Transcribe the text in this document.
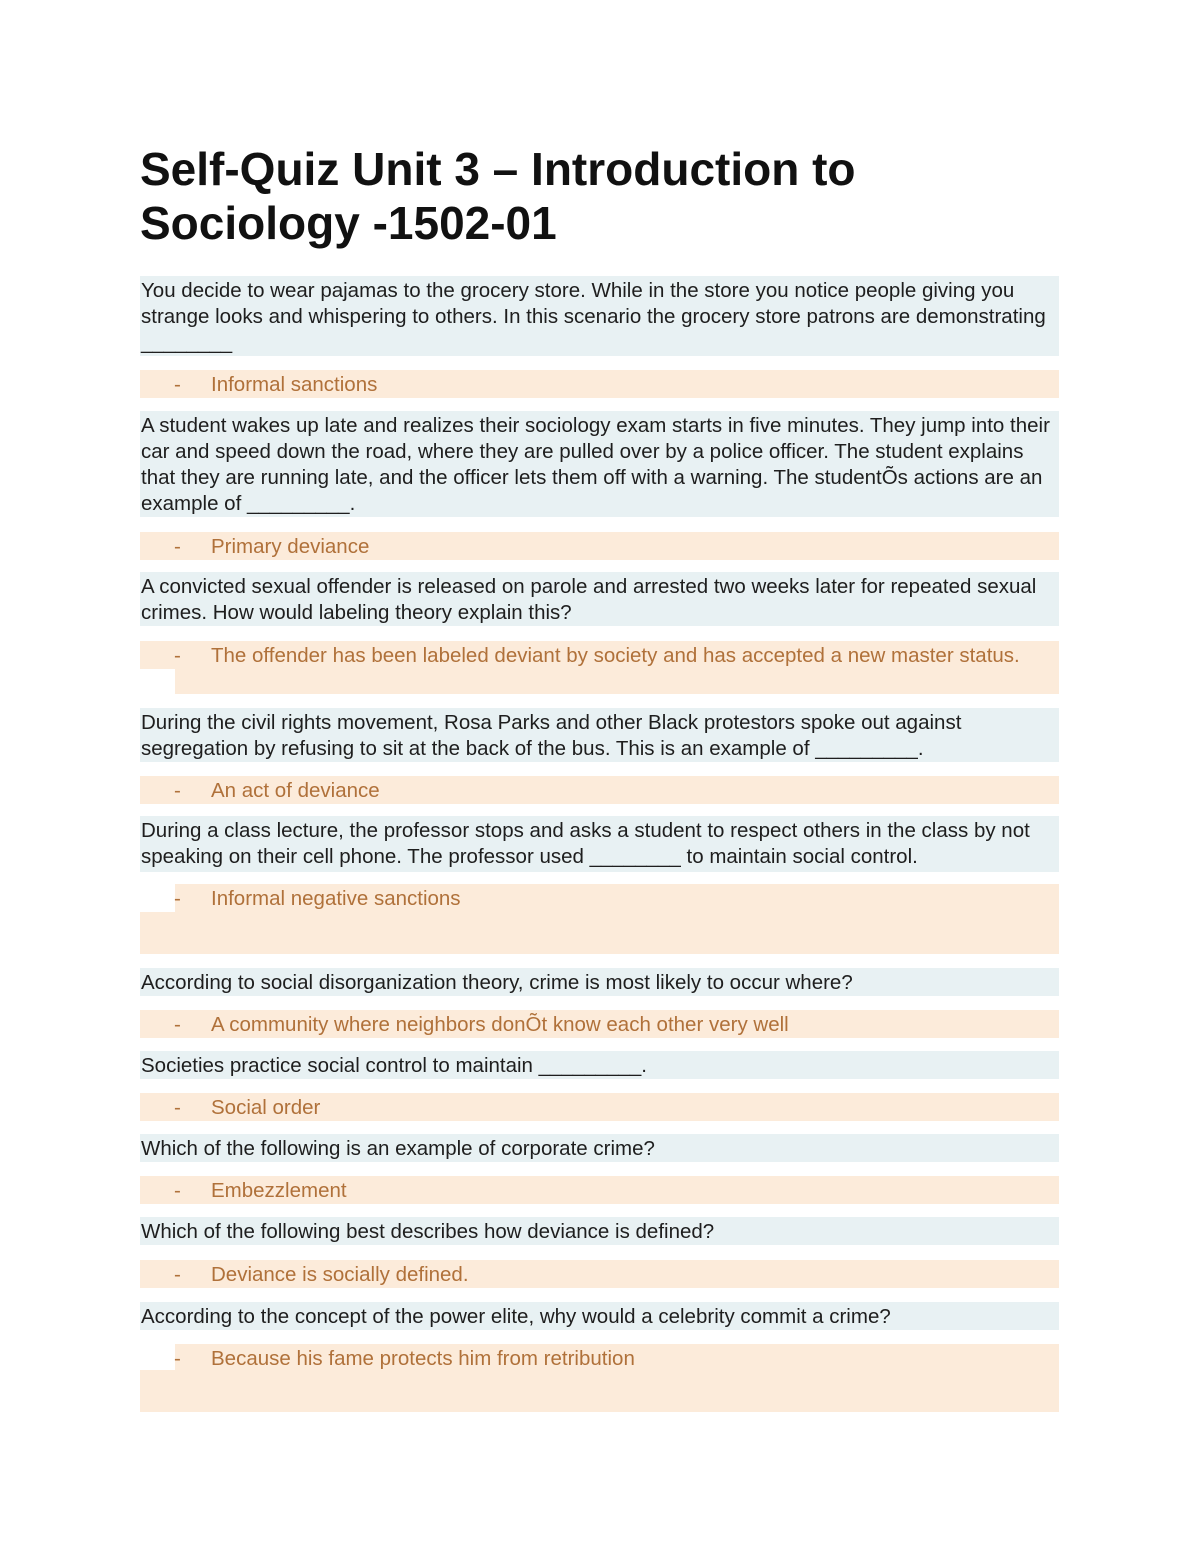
Self-Quiz Unit 3 – Introduction to Sociology -1502-01
You decide to wear pajamas to the grocery store. While in the store you notice people giving you strange looks and whispering to others. In this scenario the grocery store patrons are demonstrating ________
- Informal sanctions
A student wakes up late and realizes their sociology exam starts in five minutes. They jump into their car and speed down the road, where they are pulled over by a police officer. The student explains that they are running late, and the officer lets them off with a warning. The studentÕs actions are an example of _________.
- Primary deviance
A convicted sexual offender is released on parole and arrested two weeks later for repeated sexual crimes. How would labeling theory explain this?
- The offender has been labeled deviant by society and has accepted a new master status.
During the civil rights movement, Rosa Parks and other Black protestors spoke out against segregation by refusing to sit at the back of the bus. This is an example of _________.
- An act of deviance
During a class lecture, the professor stops and asks a student to respect others in the class by not speaking on their cell phone. The professor used ________ to maintain social control.
- Informal negative sanctions
According to social disorganization theory, crime is most likely to occur where?
- A community where neighbors donÕt know each other very well
Societies practice social control to maintain _________.
- Social order
Which of the following is an example of corporate crime?
- Embezzlement
Which of the following best describes how deviance is defined?
- Deviance is socially defined.
According to the concept of the power elite, why would a celebrity commit a crime?
- Because his fame protects him from retribution
